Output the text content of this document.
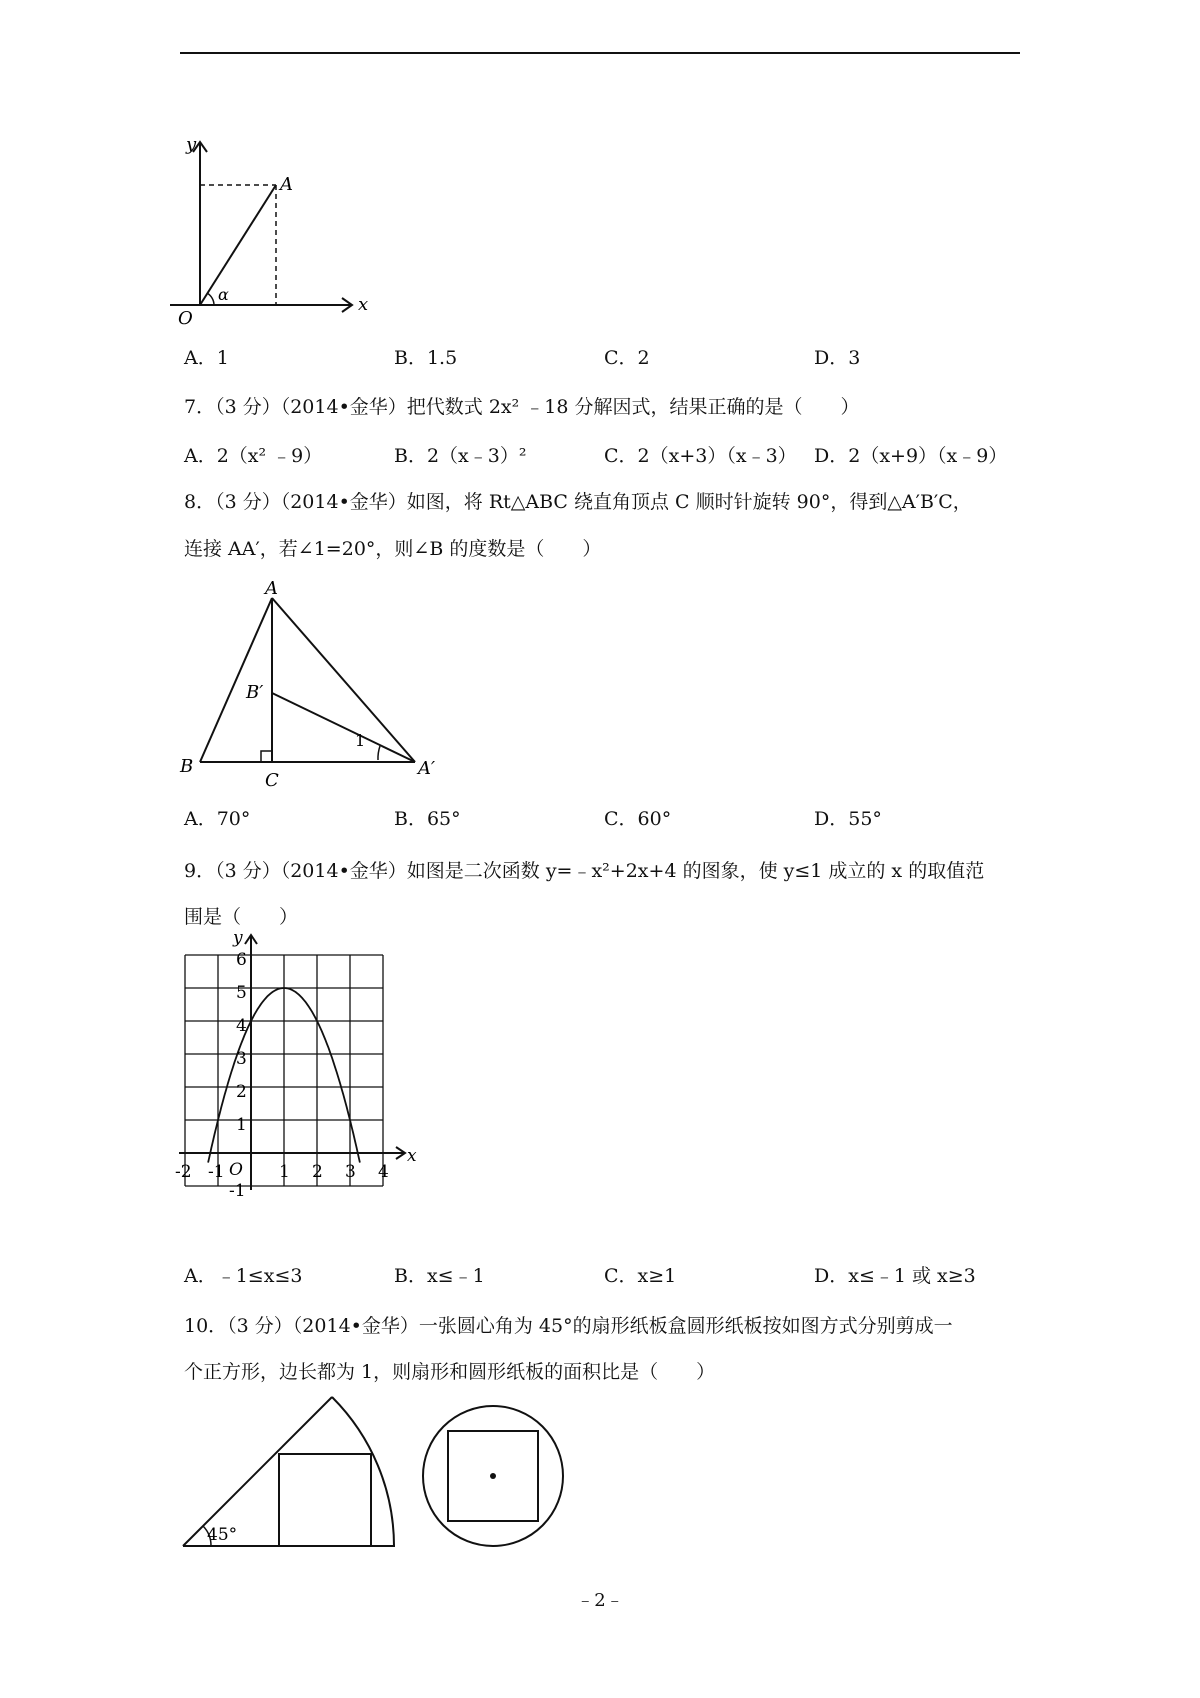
y
x
O
A
α
A．1	B．1.5	C．2	D．3
7．（3 分）（2014•金华）把代数式 2x² ﹣18 分解因式，结果正确的是（　　）
A．2（x² ﹣9）	B．2（x﹣3）²	C．2（x+3）（x﹣3） D．2（x+9）（x﹣9）
8．（3 分）（2014•金华）如图，将 Rt△ABC 绕直角顶点 C 顺时针旋转 90°，得到△A′B′C，
连接 AA′，若∠1=20°，则∠B 的度数是（　　）
A
B
C
B′
A′
1
A．70°	B．65°	C．60°	D．55°
9．（3 分）（2014•金华）如图是二次函数 y=﹣x²+2x+4 的图象，使 y≤1 成立的 x 的取值范
围是（　　）
-2 -1	1 2 3 4
6
5
4
3
2
1
-1
O
x
y
A．﹣1≤x≤3	B．x≤﹣1	C．x≥1	D．x≤﹣1 或 x≥3
10．（3 分）（2014•金华）一张圆心角为 45°的扇形纸板盒圆形纸板按如图方式分别剪成一
个正方形，边长都为 1，则扇形和圆形纸板的面积比是（　　）
45°
﹣2﹣
